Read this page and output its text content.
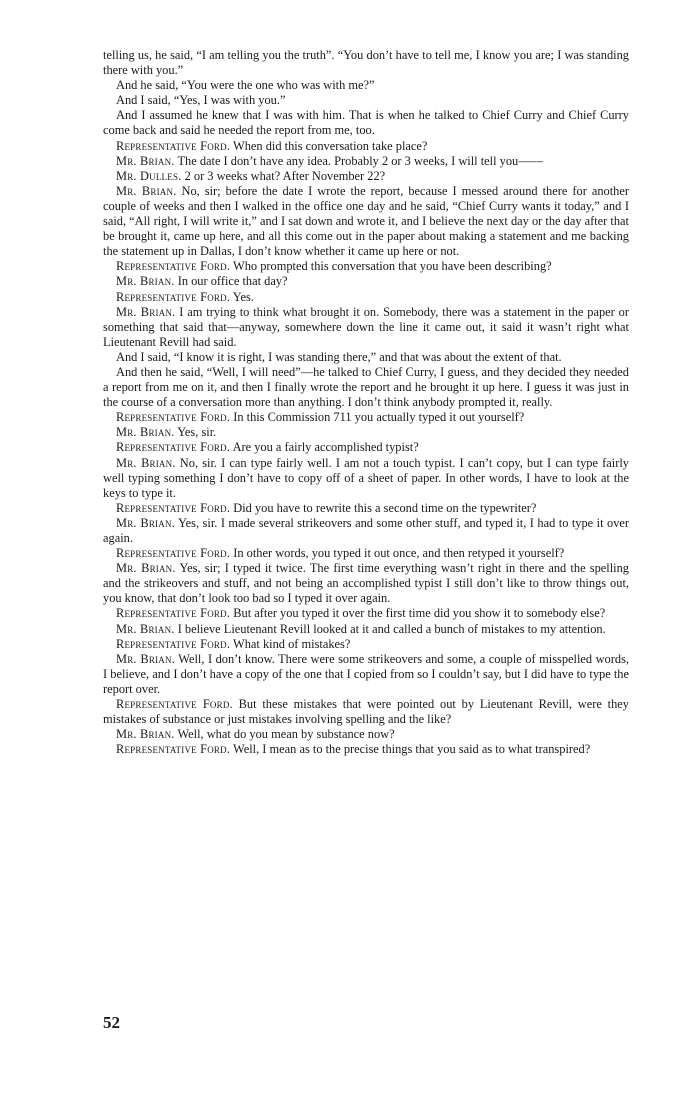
telling us, he said, “I am telling you the truth”. “You don’t have to tell me, I know you are; I was standing there with you.”

And he said, “You were the one who was with me?”

And I said, “Yes, I was with you.”

And I assumed he knew that I was with him. That is when he talked to Chief Curry and Chief Curry come back and said he needed the report from me, too.

Representative Ford. When did this conversation take place?

Mr. Brian. The date I don’t have any idea. Probably 2 or 3 weeks, I will tell you——

Mr. Dulles. 2 or 3 weeks what? After November 22?

Mr. Brian. No, sir; before the date I wrote the report, because I messed around there for another couple of weeks and then I walked in the office one day and he said, “Chief Curry wants it today,” and I said, “All right, I will write it,” and I sat down and wrote it, and I believe the next day or the day after that be brought it, came up here, and all this come out in the paper about making a statement and me backing the statement up in Dallas, I don’t know whether it came up here or not.

Representative Ford. Who prompted this conversation that you have been describing?

Mr. Brian. In our office that day?

Representative Ford. Yes.

Mr. Brian. I am trying to think what brought it on. Somebody, there was a statement in the paper or something that said that—anyway, somewhere down the line it came out, it said it wasn’t right what Lieutenant Revill had said.

And I said, “I know it is right, I was standing there,” and that was about the extent of that.

And then he said, “Well, I will need”—he talked to Chief Curry, I guess, and they decided they needed a report from me on it, and then I finally wrote the report and he brought it up here. I guess it was just in the course of a conversation more than anything. I don’t think anybody prompted it, really.

Representative Ford. In this Commission 711 you actually typed it out yourself?

Mr. Brian. Yes, sir.

Representative Ford. Are you a fairly accomplished typist?

Mr. Brian. No, sir. I can type fairly well. I am not a touch typist. I can’t copy, but I can type fairly well typing something I don’t have to copy off of a sheet of paper. In other words, I have to look at the keys to type it.

Representative Ford. Did you have to rewrite this a second time on the typewriter?

Mr. Brian. Yes, sir. I made several strikeovers and some other stuff, and typed it, I had to type it over again.

Representative Ford. In other words, you typed it out once, and then retyped it yourself?

Mr. Brian. Yes, sir; I typed it twice. The first time everything wasn’t right in there and the spelling and the strikeovers and stuff, and not being an accomplished typist I still don’t like to throw things out, you know, that don’t look too bad so I typed it over again.

Representative Ford. But after you typed it over the first time did you show it to somebody else?

Mr. Brian. I believe Lieutenant Revill looked at it and called a bunch of mistakes to my attention.

Representative Ford. What kind of mistakes?

Mr. Brian. Well, I don’t know. There were some strikeovers and some, a couple of misspelled words, I believe, and I don’t have a copy of the one that I copied from so I couldn’t say, but I did have to type the report over.

Representative Ford. But these mistakes that were pointed out by Lieutenant Revill, were they mistakes of substance or just mistakes involving spelling and the like?

Mr. Brian. Well, what do you mean by substance now?

Representative Ford. Well, I mean as to the precise things that you said as to what transpired?

52
